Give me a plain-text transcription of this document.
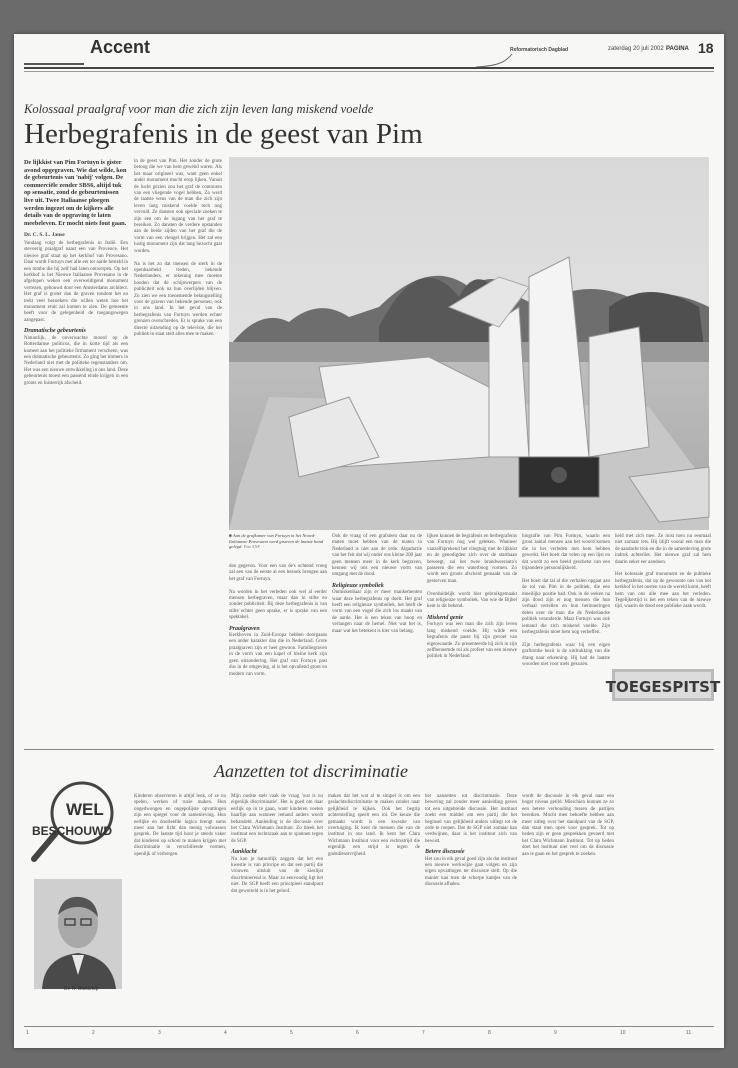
Accent	Reformatorisch Dagblad	zaterdag 20 juli 2002 PAGINA 18
Kolossaal praalgraf voor man die zich zijn leven lang miskend voelde
Herbegrafenis in de geest van Pim
De lijkkist van Pim Fortuyn is gister avond opgegraven. Wie dat wilde, kon de gebeurtenis van 'nabij' volgen. De commerciële zender SBS6, altijd tuk op sensatie, zond de gebeurtenissen live uit. Twee Italiaanse ploegen werden ingezet om de kijkers alle details van de opgraving te laten meebeleven. Er mocht niets fout gaan.
Dr. C. S. L. Janse
Vandaag volgt de herbegrafenis in Italië. Een stevoerig praalgraf naast een van Provence. Het nieuwe graf staat op het kerkhof van Provesano. Daar wordt Fortuyn met alle eer ter aarde besteld in een tombe die hij zelf had laten ontwerpen. Op het kerkhof is het Nieuwe Italiaanse Provesano in de afgelopen weken een overweldigend monument verrezen, gebouwd door een Amsterdams architect. Het graf is groter dan de graven rondom het en trekt veel bezoekers die willen weten hoe het monument eruit zal komen te zien. De gemeente heeft voor de gelegenheid de toegangswegen aangepast.
Dramatische gebeurtenis
Natuurlijk, de onverwachte moord op de Rotterdamse politicus, die in korte tijd als een komeet aan het politieke firmament verscheen, was een dramatische gebeurtenis. Zo ging het immers in Nederland niet met de politieke tegenstanders om. Het was een nieuwe ontwikkeling in ons land. Deze gebeurtenis moest een passend einde krijgen in een groots en luisterrijk afscheid.
in de geest van Pim. Het zonder de grote betoog die we van hem gewend waren. Als het maar origineel was, want geen enkel ander monument mocht erop lijken. Vanuit de lucht gezien zou het graf de contouren van een vliegende vogel hebben. Zo werd de laatste wens van de man die zich zijn leven lang miskend voelde toch nog vervuld. Ze dansten ook speciale zoeken te zijn een om de ingang van het graf te bereiken. Zo dansten de verdere opstanden aan de beide zijden van het graf die de vorm van een vleugel krijgen. Het zal een lustig monument zijn dat lang bezocht gaat worden.

Na is het zo dat mensen de sterk in de openbaarheid treden, bekende Nederlanders, er rekening mee moeten houden dat de schijnwerpers van de publiciteit ook na hun overlijden blijven. Zo zien we een toenemende belangstelling voor de graven van bekende personen, ook in ons land. In het geval van de herbegrafenis van Fortuyn werden echter grenzen overschreden. Er is sprake van een directe uitzending op de televisie, die het publiek in staat stelt alles mee te maken.
■ Aan de grafkamer van Fortuyn in het Noord-Italiaanse Provesano werd gisteren de laatste hand gelegd. Foto ANP
den gegeven. Voor een van de's ochtend vroeg zal een van de eerste al een bezoek brengen aan het graf van Fortuyn.

Na worden in het verleden ook wel al eerder mensen herbegraven, maar dan in stilte en zonder publiciteit. Bij deze herbegrafenis is van stilte echter geen sprake, er is sprake van een spektakel.
Praalgraven
Kerkhoven in Zuid-Europa hebben doorgaans een ander karakter dan die in Nederland. Grote praalgraven zijn er heel gewoon. Familiegraven in de vorm van een kapel of kleine kerk zijn geen uitzondering. Het graf van Fortuyn past dus in de omgeving, al is het opvallend groot en modern van vorm.
Ook de vraag of een grafsteen daar nu de maten moet hebben van de maten in Nederland is niet aan de orde. Algadactie van het feit dat wij onder ons kleine 200 jaar geen mensen meer in de kerk begraven, kennen wij ons een nieuwe vorm van omgang met de dood.
Religieuze symboliek
Onmiskenbaar zijn er meer mankementen waar deze herbegrafenis op doelt. Het graf heeft een religieuze symboliek, het heeft de vorm van een vogel die zich los maakt van de aarde. Het is een teken van hoop en verlangen naar de hemel. Niet wat het is, maar wat het betekent is hier van belang.
lijken kunnen de begrafenis en herbegrafenis van Fortuyn nog wel geleken. Wanneer vanzelfsprekend het vliegtuig met de lijkkist en de genodigden zich over de startbaan beweegt, zal het twee brandweerauto's passeren die een waterboog vormen. Zo wordt een groots afscheid gemaakt van de gestorven man.

Overduidelijk wordt hier gebruikgemaakt van religieuze symboliek. Van wie de Bijbel kent is dit bekend.
Miskend genie
Fortuyn was een man die zich zijn leven lang miskend voelde. Hij wilde een begrafenis die paste bij zijn gevoel van eigenwaarde. Zo presenteerde hij zich in zijn zelfbenoemde rol als profeet van een nieuwe politiek in Nederland.
biografie van Pim Fortuyn, waarin een groot aantal mensen aan het woord komen die in het verleden met hem hebben gewerkt. Het boeit dat velen op een lijst en dat wordt zo een beeld geschetst van een bijzondere persoonlijkheid.

Het boeit dat tal al die verhalen opgaat aan de rol van Pim in de politiek, die een moeilijke positie had. Ook in de weken na zijn dood zijn er nog mensen die hun verhaal vertellen en hun herinneringen delen over de man die de Nederlandse politiek veranderde. Maar Fortuyn was ook iemand die zich miskend voelde. Zijn herbegrafenis moet hem nog verheffen.

Zijn herbegrafenis waar hij een eigen graftombe bezit is de uitdrukking van die drang naar erkenning. Hij had de laatste woorden niet voor niets gekozen.
heid met zich mee. Ze mist toen nu eenmaal niet zomaar iets. Hij blijft vooral een man die de aandacht trok en die in de samenleving grote indruk achterliet. Het nieuwe graf zal hem daarin zeker eer aandoen.

Het kolossale graf monument en de publieke herbegrafenis, dat op de gewoonte ons van het kerkhof in het oosten van de wereld komt, heeft hem van ons alle mee aan het verleden. Tegelijkertijd is het een teken van de nieuwe tijd, waarin de dood een publieke zaak wordt.
TOEGESPITST
Aanzetten tot discriminatie
WEL
BESCHOUWD
Dr. R. Bisschop
Kinderen observeren is altijd leuk, of ze nu spelen, werken of ruzie maken. Hun ongedwongen en ongepolijste opvattingen zijn een spiegel voor de samenleving. Hun eerlijke en doorleefde logica brengt soms meer aan het licht dan menig volwassen gesprek. De laatste tijd hoor je steeds vaker dat kinderen op school te maken krijgen met discriminatie in verschillende vormen, openlijk of verborgen.
Mijn oudste stelt vaak de vraag 'wat is nu eigenlijk discriminatie'. Het is goed om daar eerlijk op in te gaan, want kinderen voelen haarfijn aan wanneer iemand anders wordt behandeld. Aanleiding is de discussie over het Clara Wichmann Instituut. Zo bleek het instituut een rechtszaak aan te spannen tegen de SGP.
Aanklacht
Nu kan je natuurlijk zeggen dat het een kwestie is van principe en dat een partij die vrouwen uitsluit van de kieslijst discriminerend is. Maar zo eenvoudig ligt het niet. De SGP heeft een principieel standpunt dat geworteld is in het geloof.
maken dat het wat al te simpel is om een geslachtsdiscriminatie te maken zonder naar gelijkheid te kijken. Ook het begrip achterstelling speelt een rol. De keuze die gemaakt wordt is een kwestie van overtuiging. Ik kent de mensen die van de instituut in ons land. Ik kent het Clara Wichmann Instituut voor een rechtsstrijd die eigenlijk een strijd is tegen de godsdienstvrijheid.
het aanzetten tot discriminatie. Deze bewering zal zonder meer aanleiding geven tot een uitgebreide discussie. Het instituut zoekt een middel om een partij die het beginsel van gelijkheid anders uitlegt tot de orde te roepen. Dat de SGP niet zomaar kan verdwijnen, daar is het instituut zich van bewust.
Betere discussie
Het zou in elk geval goed zijn als dat instituut een nieuwe werkwijze gaat volgen en zijn eigen opvattingen ter discussie stelt. Op die manier kan men de scherpe kantjes van de discussie afhalen.
wordt de discussie in elk geval naar een hoger niveau getild. Misschien kunnen ze zo een betere verhouding tussen de partijen bereiken. Mocht men behoefte hebben aan meer uitleg over het standpunt van de SGP, dan staat men open voor gesprek. Tot op heden zijn er geen gesprekken gevoerd met het Clara Wichmann Instituut. Tot op heden doet het instituut niet veel om de discussie aan te gaan en het gesprek te zoeken.
1	2	3	4	5	6	7	8	9	10	11
